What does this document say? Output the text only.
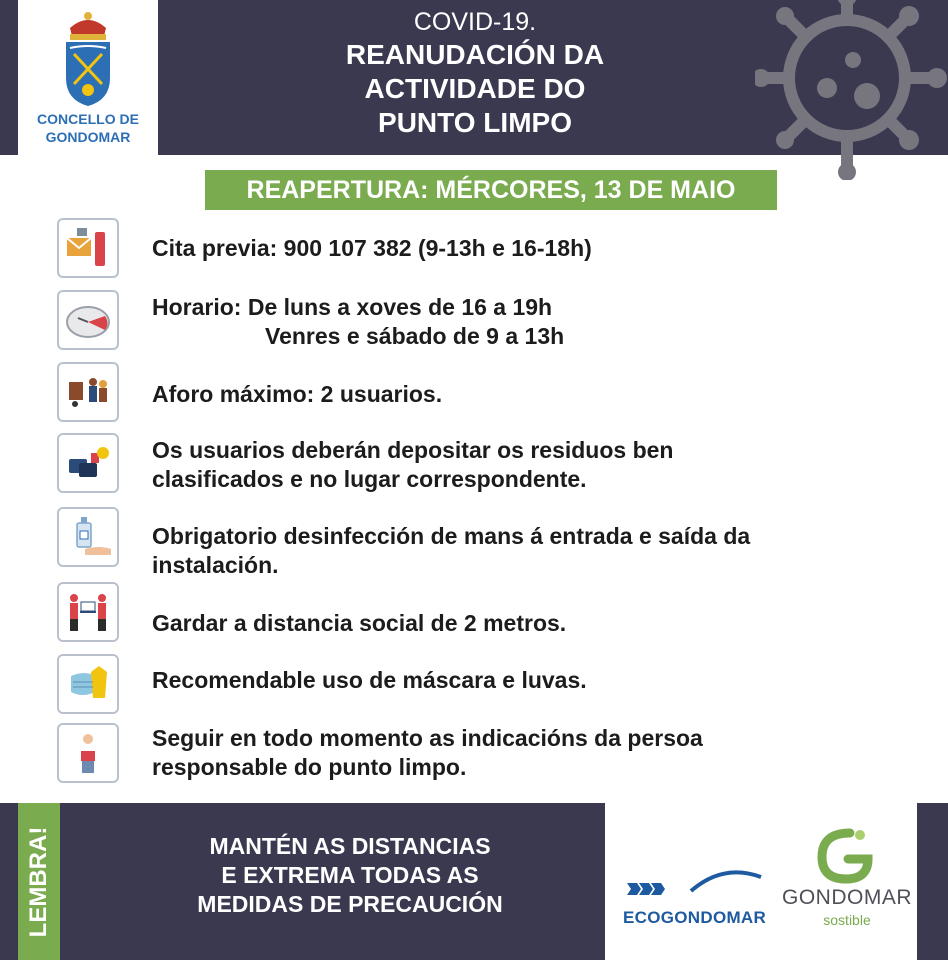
CONCELLO DE
GONDOMAR
COVID-19.
REANUDACIÓN DA
ACTIVIDADE DO
PUNTO LIMPO
REAPERTURA: MÉRCORES, 13 DE MAIO
Cita previa: 900 107 382 (9-13h e 16-18h)
Horario: De luns a xoves de 16 a 19h
Venres e sábado de 9 a 13h
Aforo máximo: 2 usuarios.
Os usuarios deberán depositar os residuos ben
clasificados e no lugar correspondente.
Obrigatorio desinfección de mans á entrada e saída da
instalación.
Gardar a distancia social de 2 metros.
Recomendable uso de máscara e luvas.
Seguir en todo momento as indicacións da persoa
responsable do punto limpo.
LEMBRA!	MANTÉN AS DISTANCIAS
E EXTREMA TODAS AS
MEDIDAS DE PRECAUCIÓN
ECOGONDOMAR
GONDOMAR
sostible
